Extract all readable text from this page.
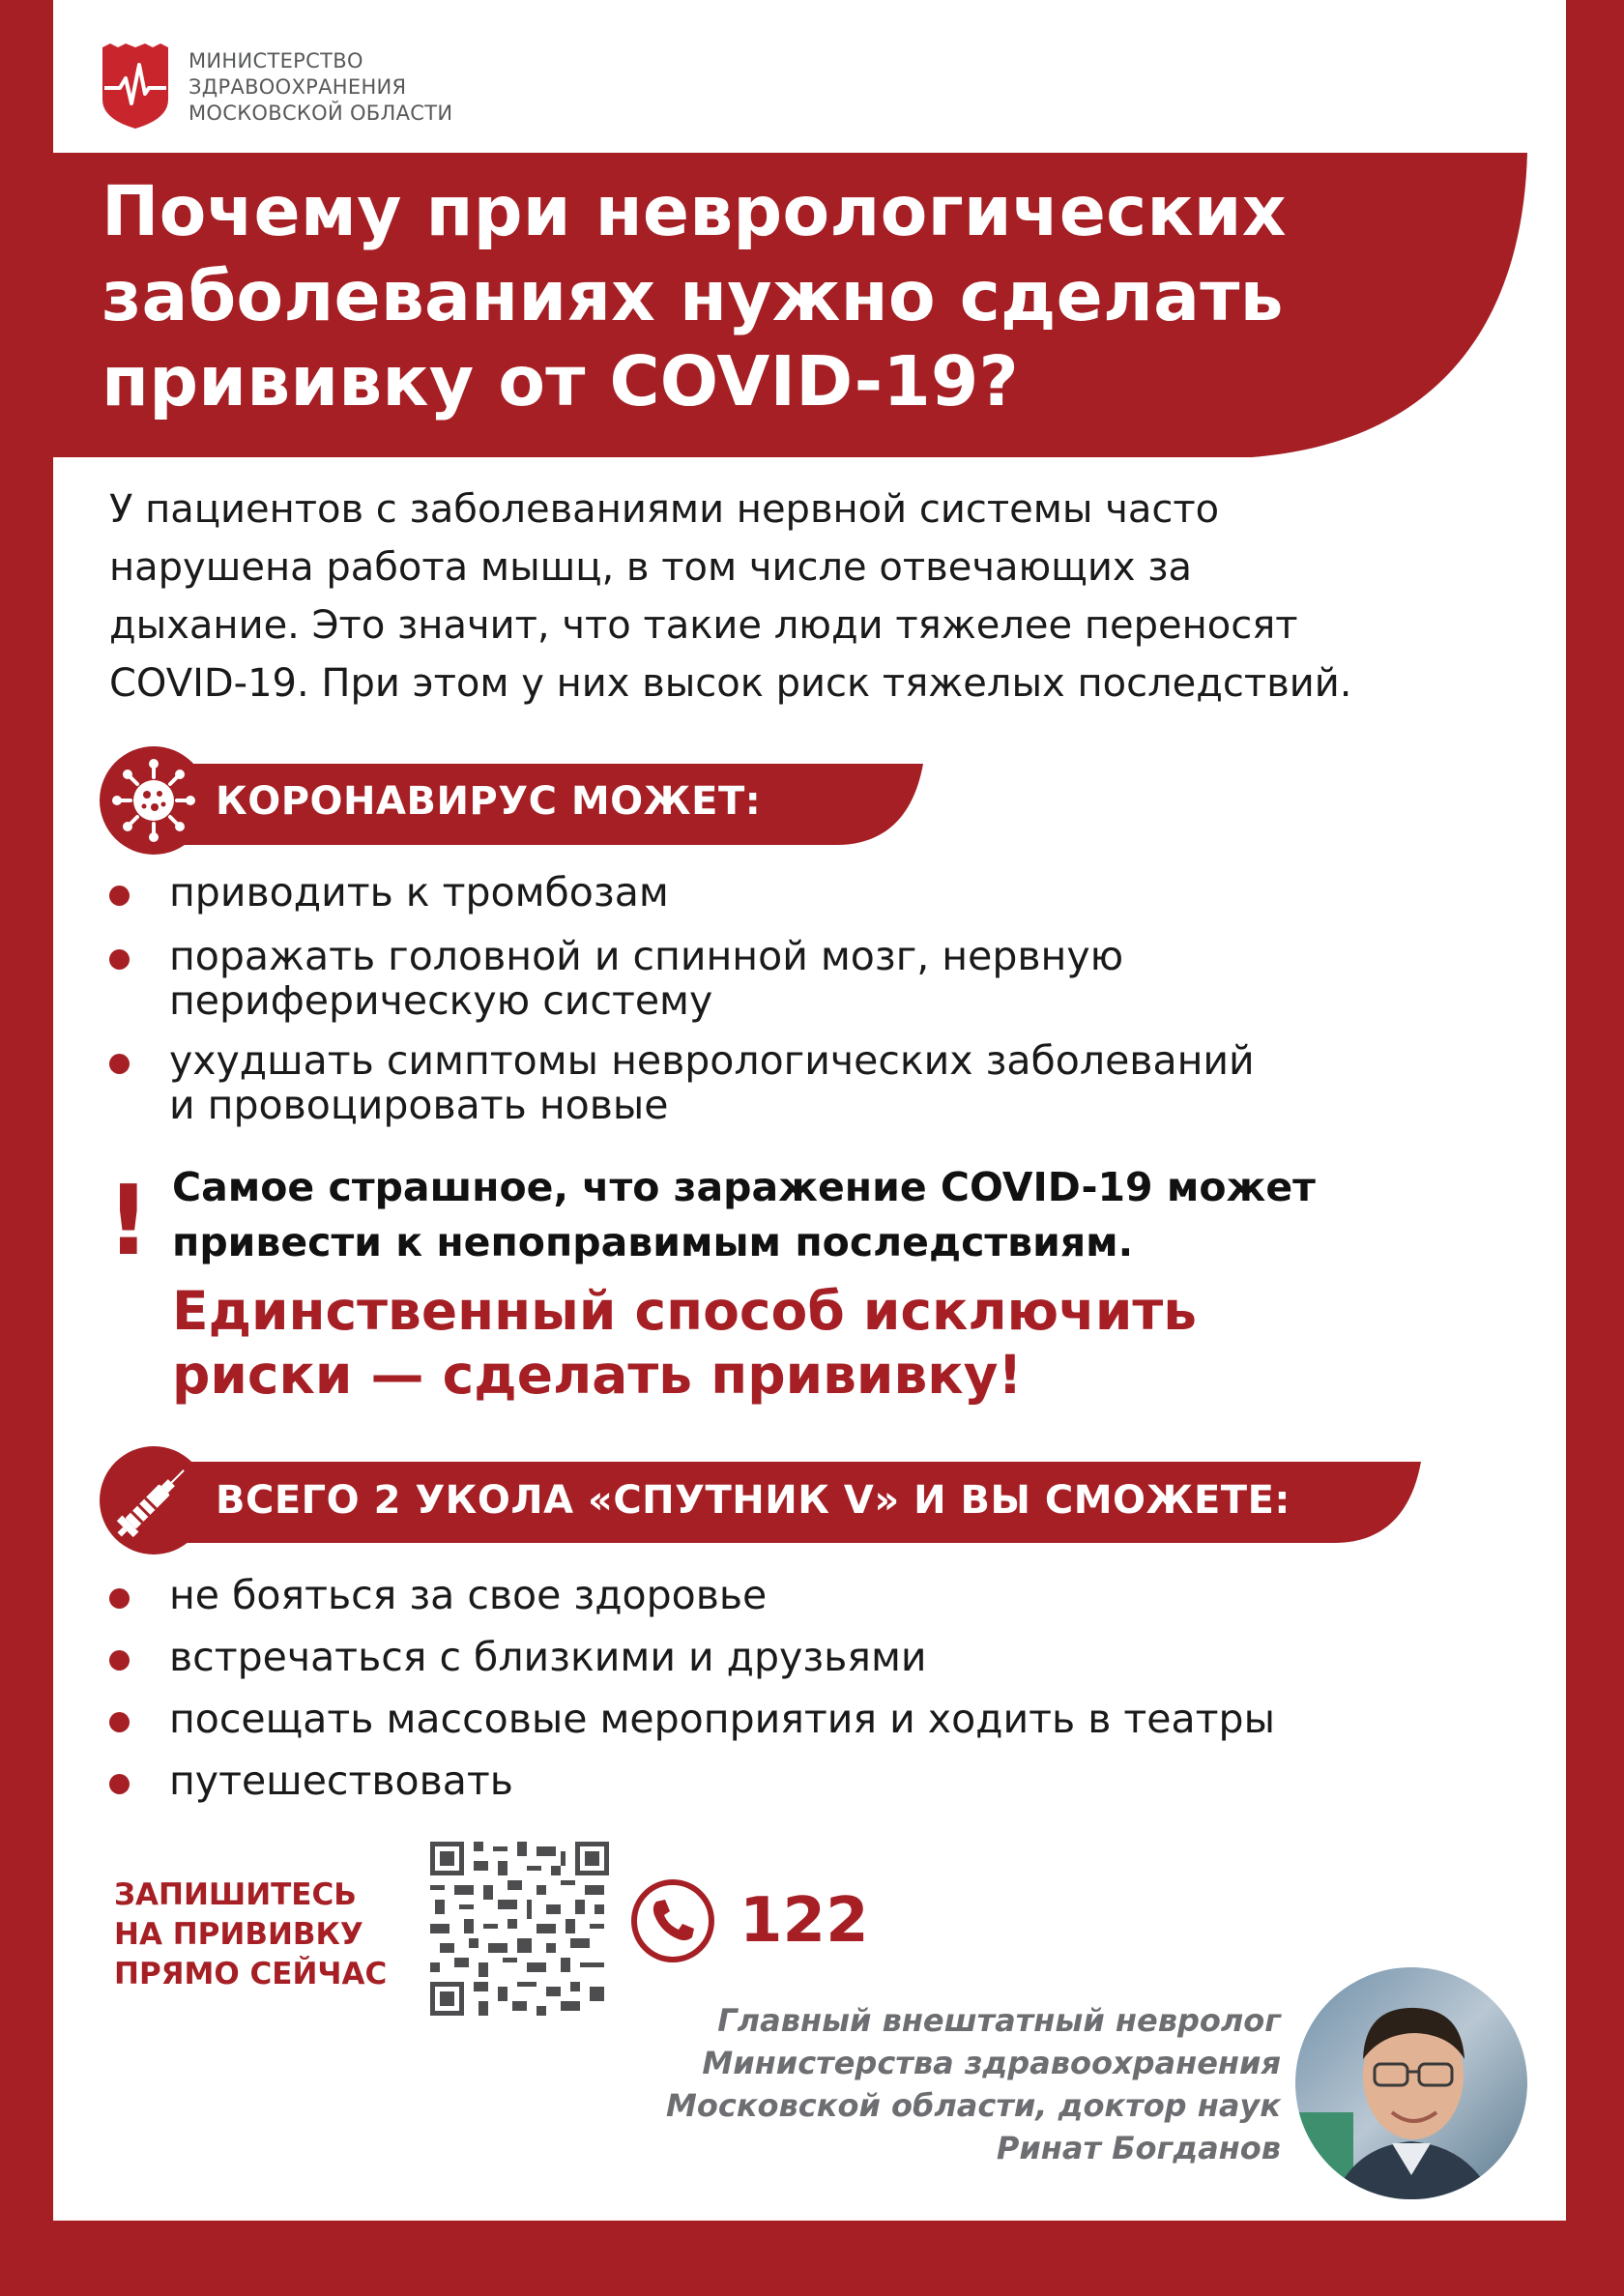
МИНИСТЕРСТВО
ЗДРАВООХРАНЕНИЯ
МОСКОВСКОЙ ОБЛАСТИ
Почему при неврологических
заболеваниях нужно сделать
прививку от COVID-19?
У пациентов с заболеваниями нервной системы часто
нарушена работа мышц, в том числе отвечающих за
дыхание. Это значит, что такие люди тяжелее переносят
COVID-19. При этом у них высок риск тяжелых последствий.
КОРОНАВИРУС МОЖЕТ:
приводить к тромбозам
поражать головной и спинной мозг, нервную
периферическую систему
ухудшать симптомы неврологических заболеваний
и провоцировать новые
! Самое страшное, что заражение COVID-19 может
привести к непоправимым последствиям.
Единственный способ исключить
риски — сделать прививку!
ВСЕГО 2 УКОЛА «СПУТНИК V» И ВЫ СМОЖЕТЕ:
не бояться за свое здоровье
встречаться с близкими и друзьями
посещать массовые мероприятия и ходить в театры
путешествовать
ЗАПИШИТЕСЬ
НА ПРИВИВКУ
ПРЯМО СЕЙЧАС
122
Главный внештатный невролог
Министерства здравоохранения
Московской области, доктор наук
Ринат Богданов
